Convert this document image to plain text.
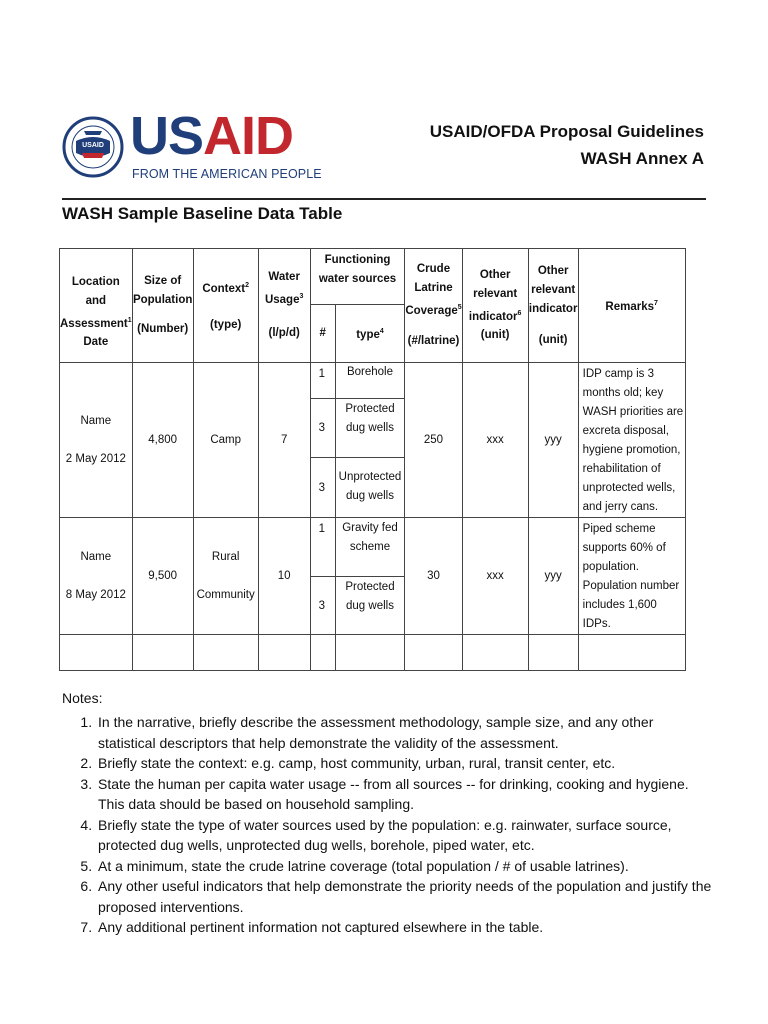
USAID USAID
FROM THE AMERICAN PEOPLE
USAID/OFDA Proposal Guidelines
WASH Annex A
WASH Sample Baseline Data Table
Location
and
Assessment$^1$
Date	Size of
Population
(Number)	Context$^2$
(type)	Water
Usage$^3$
(l/p/d)	Functioning water sources		Crude
Latrine
Coverage$^5$
(#/latrine)	Other
relevant
indicator$^6$
(unit)	Other
relevant
indicator
(unit)	Remarks$^7$
				#	type$^4$
Name

2 May 2012	4,800	Camp	7	1	Borehole	250	xxx	yyy	IDP camp is 3 months old; key WASH priorities are excreta disposal, hygiene promotion, rehabilitation of unprotected wells, and jerry cans.
				3	Protected dug wells				
				3	Unprotected dug wells				
Name

8 May 2012	9,500	Rural

Community	10	1	Gravity fed scheme	30	xxx	yyy	Piped scheme supports 60% of population. Population number includes 1,600 IDPs.
				3	Protected dug wells				

Notes:
1. In the narrative, briefly describe the assessment methodology, sample size, and any other statistical descriptors that help demonstrate the validity of the assessment.
2. Briefly state the context: e.g. camp, host community, urban, rural, transit center, etc.
3. State the human per capita water usage -- from all sources -- for drinking, cooking and hygiene. This data should be based on household sampling.
4. Briefly state the type of water sources used by the population: e.g. rainwater, surface source, protected dug wells, unprotected dug wells, borehole, piped water, etc.
5. At a minimum, state the crude latrine coverage (total population / # of usable latrines).
6. Any other useful indicators that help demonstrate the priority needs of the population and justify the proposed interventions.
7. Any additional pertinent information not captured elsewhere in the table.
